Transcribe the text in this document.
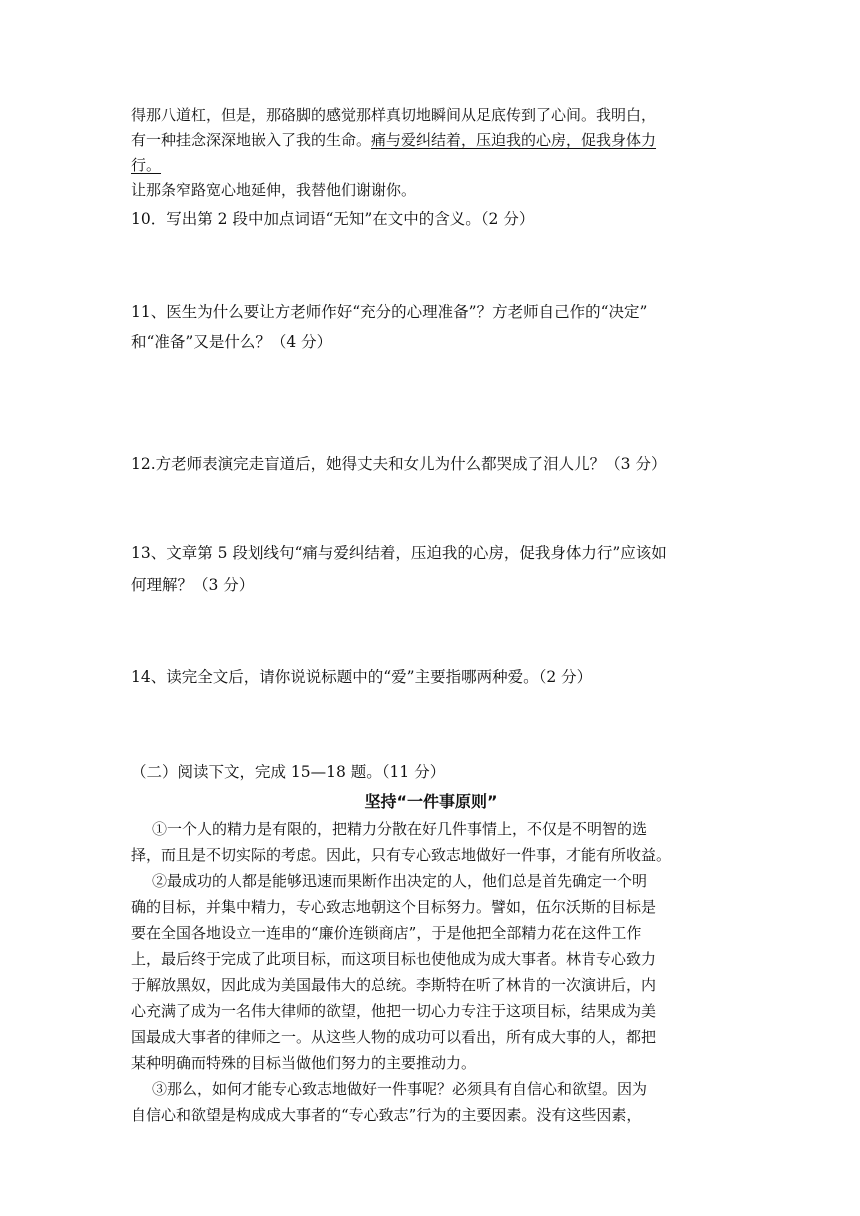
得那八道杠，但是，那硌脚的感觉那样真切地瞬间从足底传到了心间。我明白，
有一种挂念深深地嵌入了我的生命。痛与爱纠结着，压迫我的心房，促我身体力
行。
让那条窄路宽心地延伸，我替他们谢谢你。
10．写出第 2 段中加点词语“无知”在文中的含义。（2 分）
11、医生为什么要让方老师作好“充分的心理准备”？方老师自己作的“决定”
和“准备”又是什么？（4 分）
12.方老师表演完走盲道后，她得丈夫和女儿为什么都哭成了泪人儿？（3 分）
13、文章第 5 段划线句“痛与爱纠结着，压迫我的心房，促我身体力行”应该如
何理解？（3 分）
14、读完全文后，请你说说标题中的“爱”主要指哪两种爱。（2 分）
（二）阅读下文，完成 15—18 题。（11 分）
坚持“一件事原则”
①一个人的精力是有限的，把精力分散在好几件事情上，不仅是不明智的选
择，而且是不切实际的考虑。因此，只有专心致志地做好一件事，才能有所收益。
②最成功的人都是能够迅速而果断作出决定的人，他们总是首先确定一个明
确的目标，并集中精力，专心致志地朝这个目标努力。譬如，伍尔沃斯的目标是
要在全国各地设立一连串的“廉价连锁商店”，于是他把全部精力花在这件工作
上，最后终于完成了此项目标，而这项目标也使他成为成大事者。林肯专心致力
于解放黑奴，因此成为美国最伟大的总统。李斯特在听了林肯的一次演讲后，内
心充满了成为一名伟大律师的欲望，他把一切心力专注于这项目标，结果成为美
国最成大事者的律师之一。从这些人物的成功可以看出，所有成大事的人，都把
某种明确而特殊的目标当做他们努力的主要推动力。
③那么，如何才能专心致志地做好一件事呢？必须具有自信心和欲望。因为
自信心和欲望是构成成大事者的“专心致志”行为的主要因素。没有这些因素，
